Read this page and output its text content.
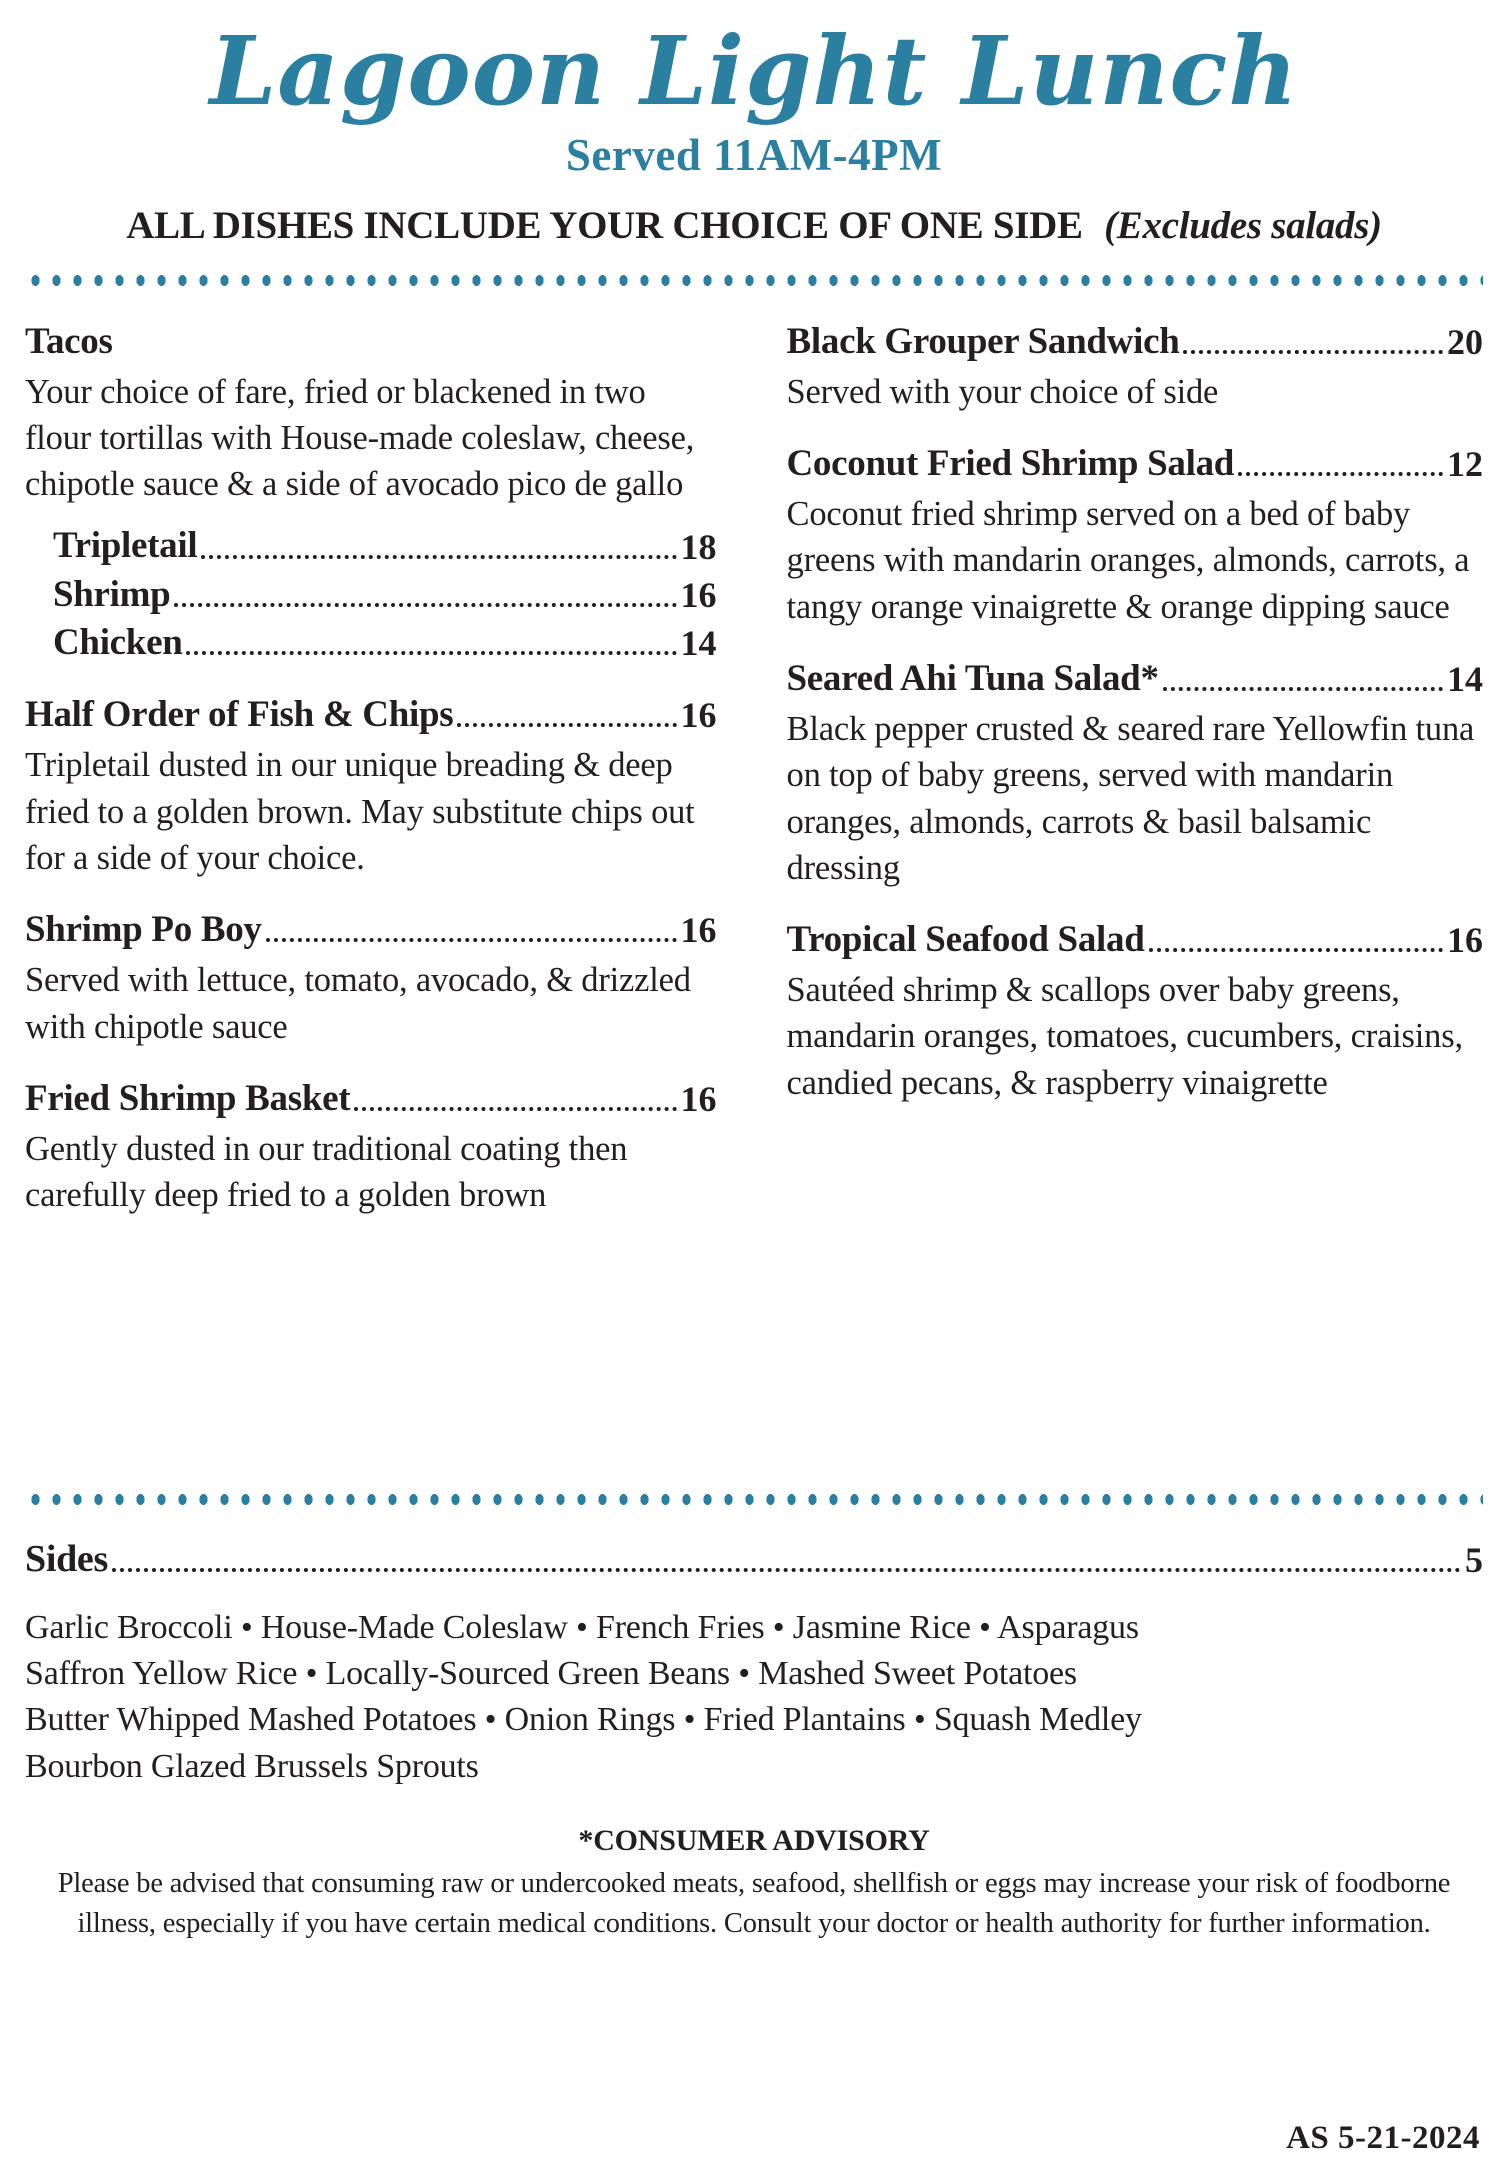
Lagoon Light Lunch
Served 11AM-4PM
ALL DISHES INCLUDE YOUR CHOICE OF ONE SIDE (Excludes salads)
Tacos

Your choice of fare, fried or blackened in two flour tortillas with House-made coleslaw, cheese, chipotle sauce & a side of avocado pico de gallo

Tripletail	18
Shrimp	16
Chicken	14
Half Order of Fish & Chips	16

Tripletail dusted in our unique breading & deep fried to a golden brown. May substitute chips out for a side of your choice.

Shrimp Po Boy	16

Served with lettuce, tomato, avocado, & drizzled with chipotle sauce

Fried Shrimp Basket	16

Gently dusted in our traditional coating then carefully deep fried to a golden brown

Black Grouper Sandwich	20

Served with your choice of side

Coconut Fried Shrimp Salad	12

Coconut fried shrimp served on a bed of baby greens with mandarin oranges, almonds, carrots, a tangy orange vinaigrette & orange dipping sauce

Seared Ahi Tuna Salad*	14

Black pepper crusted & seared rare Yellowfin tuna on top of baby greens, served with mandarin oranges, almonds, carrots & basil balsamic dressing

Tropical Seafood Salad	16

Sautéed shrimp & scallops over baby greens, mandarin oranges, tomatoes, cucumbers, craisins, candied pecans, & raspberry vinaigrette

Sides	5
Garlic Broccoli • House-Made Coleslaw • French Fries • Jasmine Rice • Asparagus
Saffron Yellow Rice • Locally-Sourced Green Beans • Mashed Sweet Potatoes
Butter Whipped Mashed Potatoes • Onion Rings • Fried Plantains • Squash Medley
Bourbon Glazed Brussels Sprouts
*CONSUMER ADVISORY

Please be advised that consuming raw or undercooked meats, seafood, shellfish or eggs may increase your risk of foodborne illness, especially if you have certain medical conditions. Consult your doctor or health authority for further information.

AS 5-21-2024
